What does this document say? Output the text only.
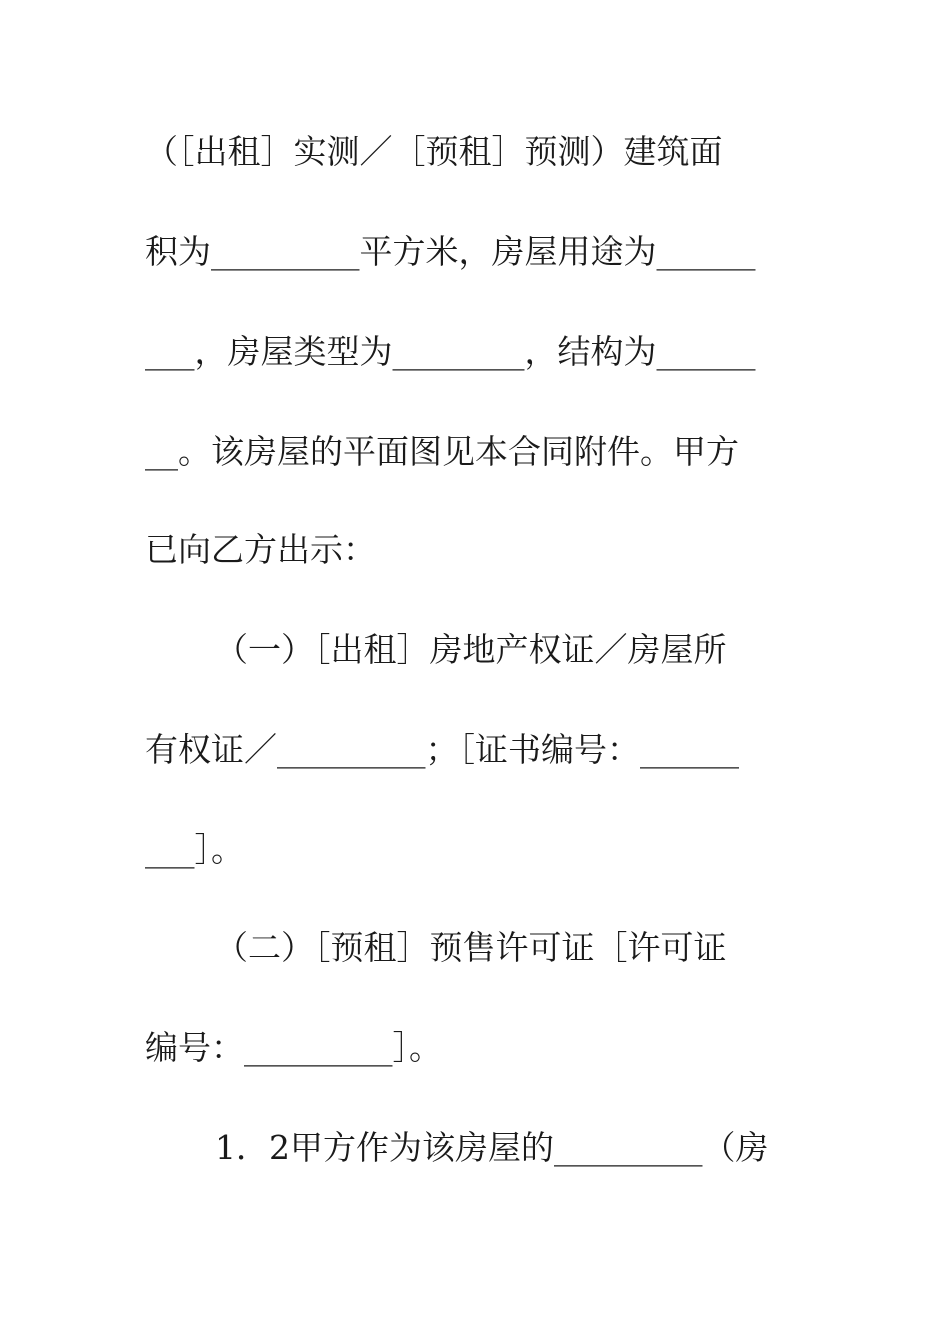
（［出租］实测／［预租］预测）建筑面
积为_________平方米，房屋用途为______
___，房屋类型为________，结构为______
__。该房屋的平面图见本合同附件。甲方
已向乙方出示：
（一）［出租］房地产权证／房屋所
有权证／_________；［证书编号：______
___］。
（二）［预租］预售许可证［许可证
编号：_________］。
1．2甲方作为该房屋的_________（房
